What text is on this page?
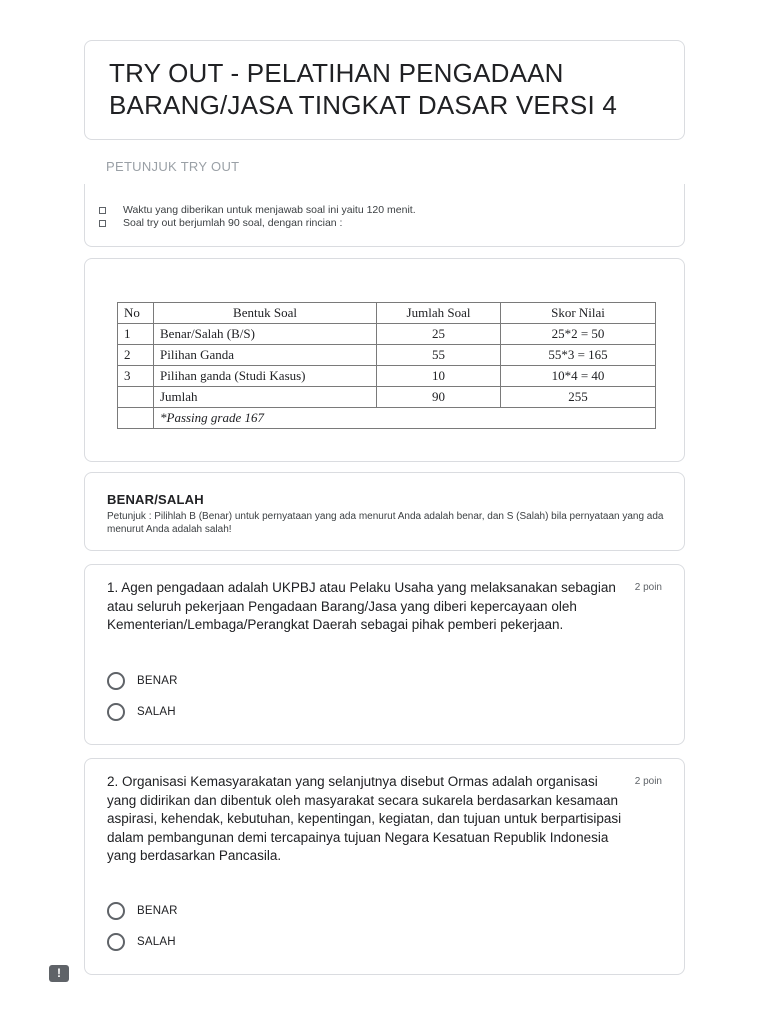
TRY OUT - PELATIHAN PENGADAAN BARANG/JASA TINGKAT DASAR VERSI 4
PETUNJUK TRY OUT
Waktu yang diberikan untuk menjawab soal ini yaitu 120 menit.
Soal try out berjumlah 90 soal, dengan rincian :
No	Bentuk Soal	Jumlah Soal	Skor Nilai
1	Benar/Salah (B/S)	25	25*2 = 50
2	Pilihan Ganda	55	55*3 = 165
3	Pilihan ganda (Studi Kasus)	10	10*4 = 40
	Jumlah	90	255
	*Passing grade 167		
BENAR/SALAH
Petunjuk : Pilihlah B (Benar) untuk pernyataan yang ada menurut Anda adalah benar, dan S (Salah) bila pernyataan yang ada menurut Anda adalah salah!
1. Agen pengadaan adalah UKPBJ atau Pelaku Usaha yang melaksanakan sebagian atau seluruh pekerjaan Pengadaan Barang/Jasa yang diberi kepercayaan oleh Kementerian/Lembaga/Perangkat Daerah sebagai pihak pemberi pekerjaan.
2 poin
BENAR
SALAH
2. Organisasi Kemasyarakatan yang selanjutnya disebut Ormas adalah organisasi yang didirikan dan dibentuk oleh masyarakat secara sukarela berdasarkan kesamaan aspirasi, kehendak, kebutuhan, kepentingan, kegiatan, dan tujuan untuk berpartisipasi dalam pembangunan demi tercapainya tujuan Negara Kesatuan Republik Indonesia yang berdasarkan Pancasila.
2 poin
BENAR
SALAH
!
